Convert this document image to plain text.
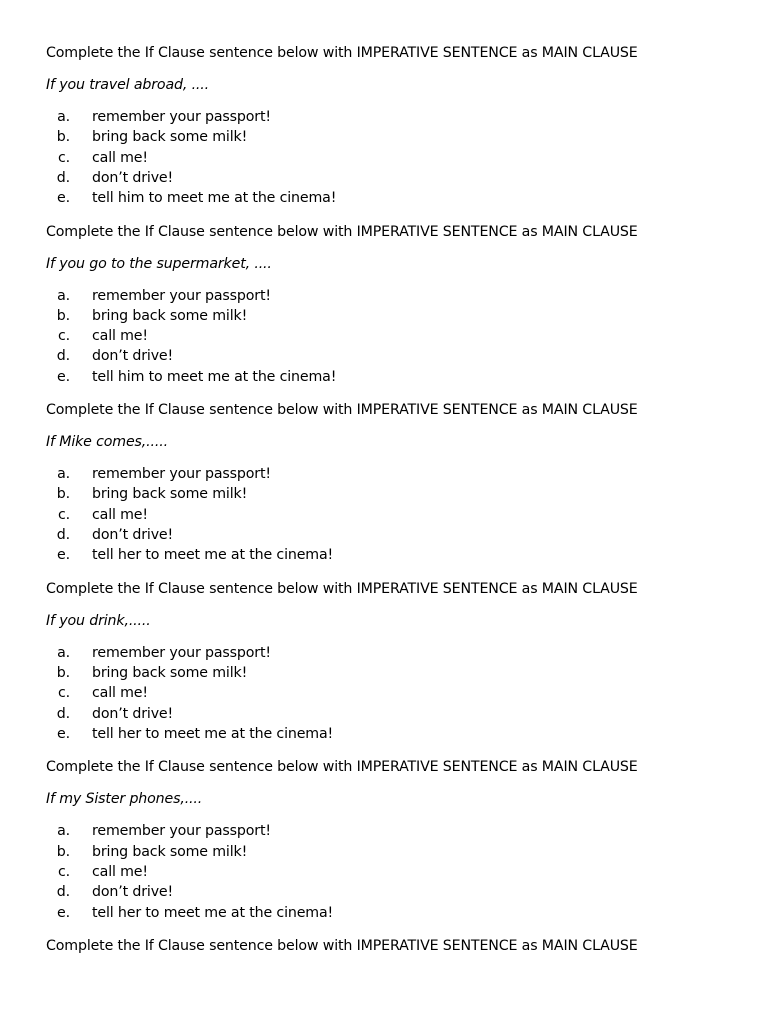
Complete the If Clause sentence below with IMPERATIVE SENTENCE as MAIN CLAUSE

If you travel abroad, ....

a. remember your passport!
b. bring back some milk!
c. call me!
d. don’t drive!
e. tell him to meet me at the cinema!

Complete the If Clause sentence below with IMPERATIVE SENTENCE as MAIN CLAUSE

If you go to the supermarket, ....

a. remember your passport!
b. bring back some milk!
c. call me!
d. don’t drive!
e. tell him to meet me at the cinema!

Complete the If Clause sentence below with IMPERATIVE SENTENCE as MAIN CLAUSE

If Mike comes,.....

a. remember your passport!
b. bring back some milk!
c. call me!
d. don’t drive!
e. tell her to meet me at the cinema!

Complete the If Clause sentence below with IMPERATIVE SENTENCE as MAIN CLAUSE

If you drink,.....

a. remember your passport!
b. bring back some milk!
c. call me!
d. don’t drive!
e. tell her to meet me at the cinema!

Complete the If Clause sentence below with IMPERATIVE SENTENCE as MAIN CLAUSE

If my Sister phones,....

a. remember your passport!
b. bring back some milk!
c. call me!
d. don’t drive!
e. tell her to meet me at the cinema!

Complete the If Clause sentence below with IMPERATIVE SENTENCE as MAIN CLAUSE
